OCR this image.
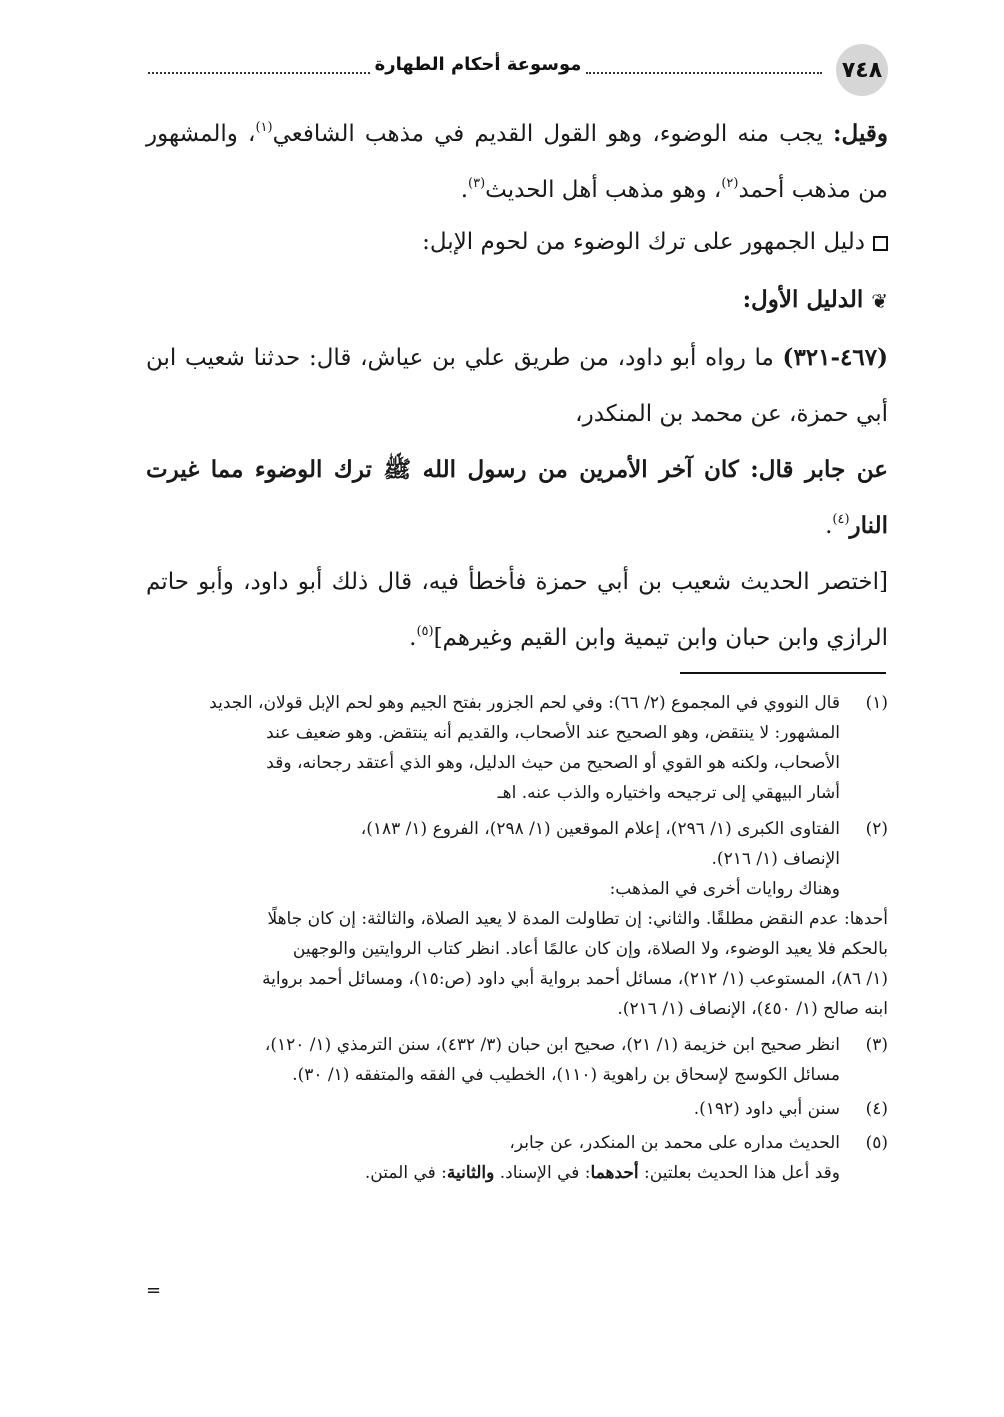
موسوعة أحكام الطهارة	٧٤٨
وقيل: يجب منه الوضوء، وهو القول القديم في مذهب الشافعي$^{(١)}$، والمشهور من مذهب أحمد$^{(٢)}$، وهو مذهب أهل الحديث$^{(٣)}$.
دليل الجمهور على ترك الوضوء من لحوم الإبل:
❦الدليل الأول:
(٤٦٧-٣٢١) ما رواه أبو داود، من طريق علي بن عياش، قال: حدثنا شعيب ابن أبي حمزة، عن محمد بن المنكدر،
عن جابر قال: كان آخر الأمرين من رسول الله ﷺ ترك الوضوء مما غيرت النار$^{(٤)}$.
[اختصر الحديث شعيب بن أبي حمزة فأخطأ فيه، قال ذلك أبو داود، وأبو حاتم الرازي وابن حبان وابن تيمية وابن القيم وغيرهم]$^{(٥)}$.
(١)
قال النووي في المجموع (٢/ ٦٦): وفي لحم الجزور بفتح الجيم وهو لحم الإبل قولان، الجديد
المشهور: لا ينتقض، وهو الصحيح عند الأصحاب، والقديم أنه ينتقض. وهو ضعيف عند
الأصحاب، ولكنه هو القوي أو الصحيح من حيث الدليل، وهو الذي أعتقد رجحانه، وقد
أشار البيهقي إلى ترجيحه واختياره والذب عنه. اهـ
(٢)
الفتاوى الكبرى (١/ ٢٩٦)، إعلام الموقعين (١/ ٢٩٨)، الفروع (١/ ١٨٣)،
الإنصاف (١/ ٢١٦).
وهناك روايات أخرى في المذهب:
أحدها: عدم النقض مطلقًا. والثاني: إن تطاولت المدة لا يعيد الصلاة، والثالثة: إن كان جاهلًا
بالحكم فلا يعيد الوضوء، ولا الصلاة، وإن كان عالمًا أعاد. انظر كتاب الروايتين والوجهين
(١/ ٨٦)، المستوعب (١/ ٢١٢)، مسائل أحمد برواية أبي داود (ص:١٥)، ومسائل أحمد برواية
ابنه صالح (١/ ٤٥٠)، الإنصاف (١/ ٢١٦).
(٣)
انظر صحيح ابن خزيمة (١/ ٢١)، صحيح ابن حبان (٣/ ٤٣٢)، سنن الترمذي (١/ ١٢٠)،
مسائل الكوسج لإسحاق بن راهوية (١١٠)، الخطيب في الفقه والمتفقه (١/ ٣٠).
(٤)
سنن أبي داود (١٩٢).
(٥)
الحديث مداره على محمد بن المنكدر، عن جابر،
وقد أعل هذا الحديث بعلتين: أحدهما: في الإسناد. والثانية: في المتن.
=
